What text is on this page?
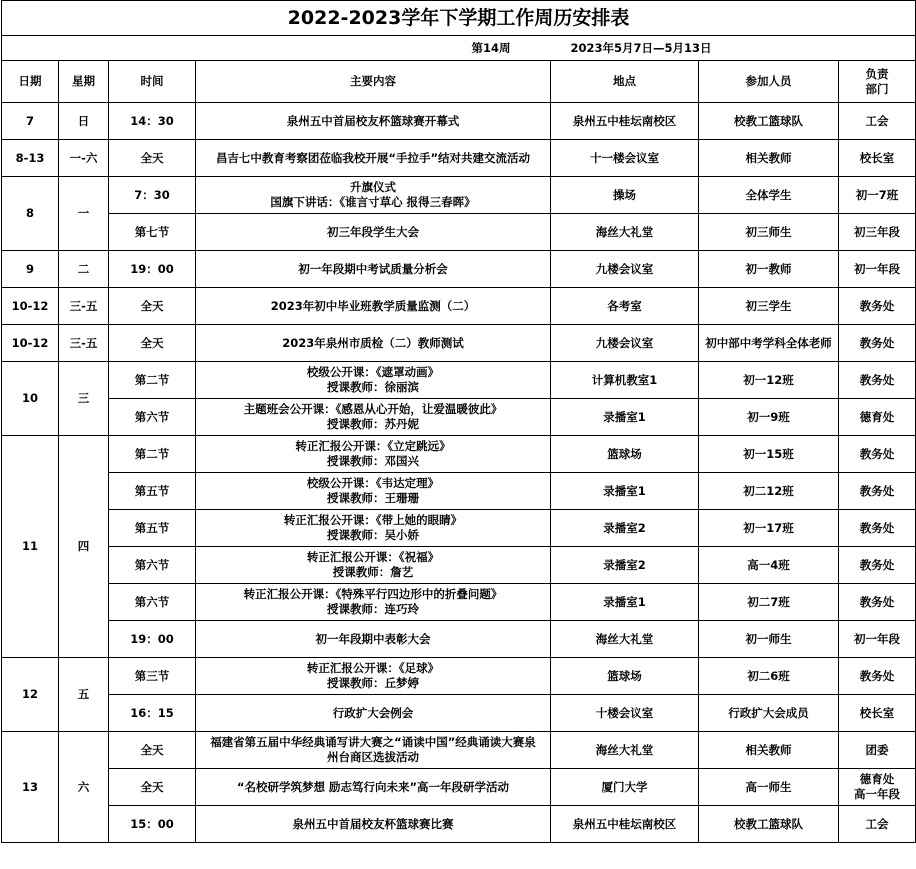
2022-2023学年下学期工作周历安排表						
第14周				2023年5月7日—5月13日		
日期	星期	时间	主要内容	地点	参加人员	负责
部门

7	日	14：30	泉州五中首届校友杯篮球赛开幕式	泉州五中桂坛南校区	校教工篮球队	工会

8-13	一-六	全天	昌吉七中教育考察团莅临我校开展“手拉手”结对共建交流活动	十一楼会议室	相关教师	校长室

8	一	7：30	升旗仪式
国旗下讲话：《谁言寸草心 报得三春晖》	操场	全体学生	初一7班

		第七节	初三年段学生大会	海丝大礼堂	初三师生	初三年段

9	二	19：00	初一年段期中考试质量分析会	九楼会议室	初一教师	初一年段

10-12	三-五	全天	2023年初中毕业班教学质量监测（二）	各考室	初三学生	教务处

10-12	三-五	全天	2023年泉州市质检（二）教师测试	九楼会议室	初中部中考学科全体老师	教务处

10	三	第二节	校级公开课：《遮罩动画》
授课教师：徐丽滨	计算机教室1	初一12班	教务处

		第六节	主题班会公开课：《感恩从心开始，让爱温暖彼此》
授课教师：苏丹妮	录播室1	初一9班	德育处

11	四	第二节	转正汇报公开课：《立定跳远》
授课教师：邓国兴	篮球场	初一15班	教务处

		第五节	校级公开课：《韦达定理》
授课教师：王珊珊	录播室1	初二12班	教务处

		第五节	转正汇报公开课：《带上她的眼睛》
授课教师：吴小娇	录播室2	初一17班	教务处

		第六节	转正汇报公开课：《祝福》
授课教师：詹艺	录播室2	高一4班	教务处

		第六节	转正汇报公开课：《特殊平行四边形中的折叠问题》
授课教师：连巧玲	录播室1	初二7班	教务处

		19：00	初一年段期中表彰大会	海丝大礼堂	初一师生	初一年段

12	五	第三节	转正汇报公开课：《足球》
授课教师：丘梦婷	篮球场	初二6班	教务处

		16：15	行政扩大会例会	十楼会议室	行政扩大会成员	校长室

13	六	全天	福建省第五届中华经典诵写讲大赛之“诵读中国”经典诵读大赛泉
州台商区选拔活动	海丝大礼堂	相关教师	团委

		全天	“名校研学筑梦想 励志笃行向未来”高一年段研学活动	厦门大学	高一师生	德育处
高一年段

		15：00	泉州五中首届校友杯篮球赛比赛	泉州五中桂坛南校区	校教工篮球队	工会
